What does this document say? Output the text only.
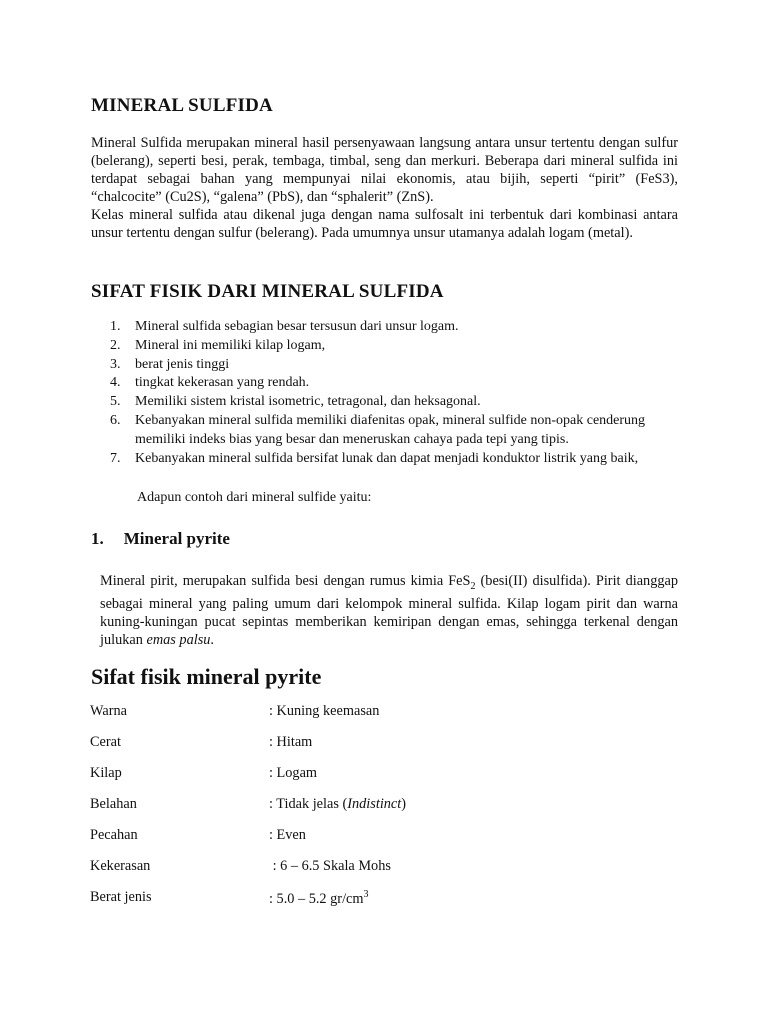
MINERAL SULFIDA

Mineral Sulfida merupakan mineral hasil persenyawaan langsung antara unsur tertentu dengan sulfur (belerang), seperti besi, perak, tembaga, timbal, seng dan merkuri. Beberapa dari mineral sulfida ini terdapat sebagai bahan yang mempunyai nilai ekonomis, atau bijih, seperti “pirit” (FeS3), “chalcocite” (Cu2S), “galena” (PbS), dan “sphalerit” (ZnS).

Kelas mineral sulfida atau dikenal juga dengan nama sulfosalt ini terbentuk dari kombinasi antara unsur tertentu dengan sulfur (belerang). Pada umumnya unsur utamanya adalah logam (metal).

SIFAT FISIK DARI MINERAL SULFIDA
1. Mineral sulfida sebagian besar tersusun dari unsur logam.
2. Mineral ini memiliki kilap logam,
3. berat jenis tinggi
4. tingkat kekerasan yang rendah.
5. Memiliki sistem kristal isometric, tetragonal, dan heksagonal.
6. Kebanyakan mineral sulfida memiliki diafenitas opak, mineral sulfide non-opak cenderung memiliki indeks bias yang besar dan meneruskan cahaya pada tepi yang tipis.
7. Kebanyakan mineral sulfida bersifat lunak dan dapat menjadi konduktor listrik yang baik,

Adapun contoh dari mineral sulfide yaitu:

1. Mineral pyrite

Mineral pirit, merupakan sulfida besi dengan rumus kimia FeS$_2$ (besi(II) disulfida). Pirit dianggap sebagai mineral yang paling umum dari kelompok mineral sulfida. Kilap logam pirit dan warna kuning-kuningan pucat sepintas memberikan kemiripan dengan emas, sehingga terkenal dengan julukan emas palsu.

Sifat fisik mineral pyrite
Warna	: Kuning keemasan
Cerat	: Hitam
Kilap	: Logam
Belahan	: Tidak jelas (Indistinct)
Pecahan	: Even
Kekerasan	: 6 – 6.5 Skala Mohs
Berat jenis	: 5.0 – 5.2 $gr/cm^3$
